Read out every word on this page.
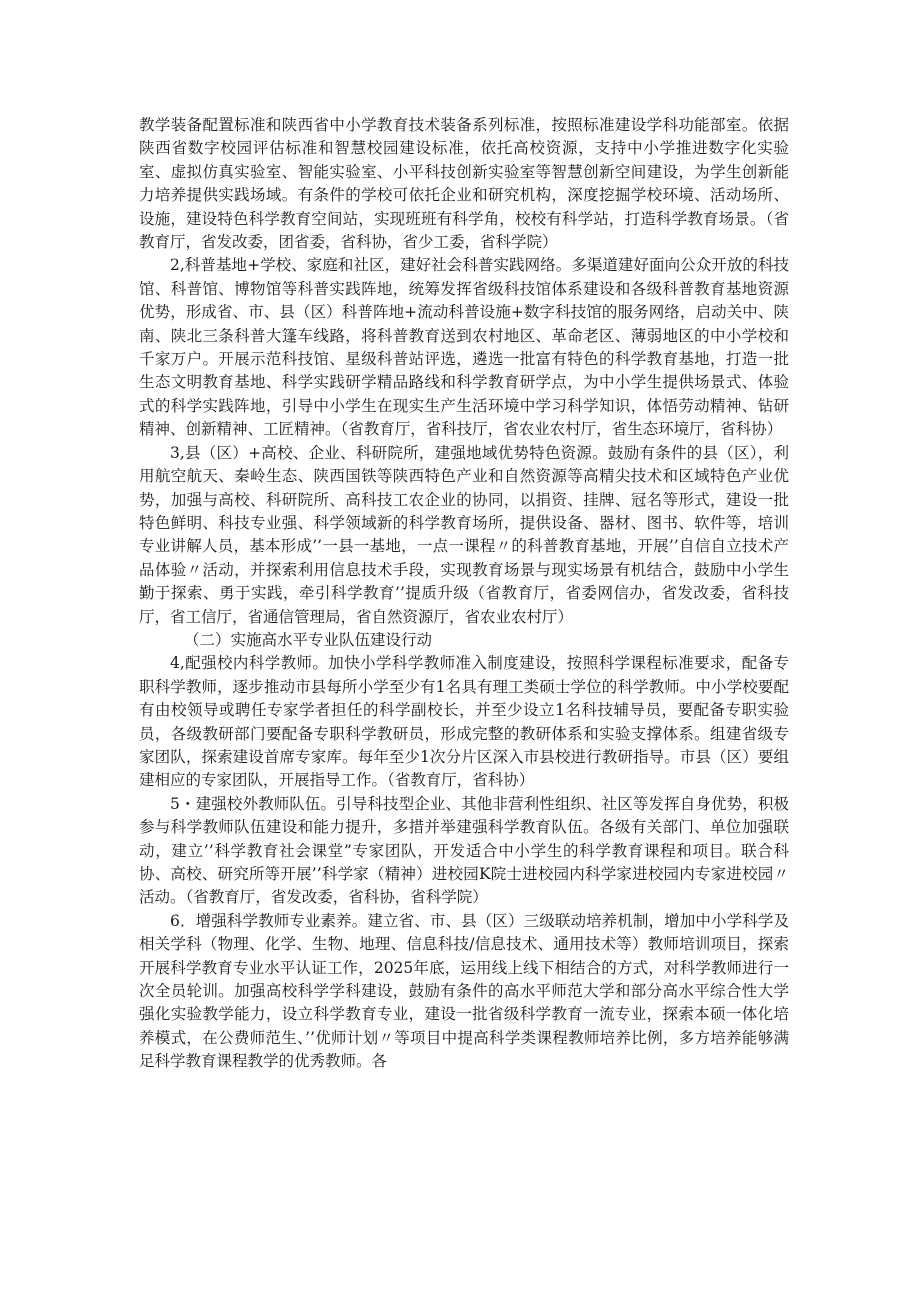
教学装备配置标准和陕西省中小学教育技术装备系列标准，按照标准建设学科功能部室。依据陕西省数字校园评估标准和智慧校园建设标准，依托高校资源，支持中小学推进数字化实验室、虚拟仿真实验室、智能实验室、小平科技创新实验室等智慧创新空间建设，为学生创新能力培养提供实践场域。有条件的学校可依托企业和研究机构，深度挖掘学校环境、活动场所、设施，建设特色科学教育空间站，实现班班有科学角，校校有科学站，打造科学教育场景。（省教育厅，省发改委，团省委，省科协，省少工委，省科学院）

2,科普基地+学校、家庭和社区，建好社会科普实践网络。多渠道建好面向公众开放的科技馆、科普馆、博物馆等科普实践阵地，统筹发挥省级科技馆体系建设和各级科普教育基地资源优势，形成省、市、县（区）科普阵地+流动科普设施+数字科技馆的服务网络，启动关中、陕南、陕北三条科普大篷车线路，将科普教育送到农村地区、革命老区、薄弱地区的中小学校和千家万户。开展示范科技馆、星级科普站评选，遴选一批富有特色的科学教育基地，打造一批生态文明教育基地、科学实践研学精品路线和科学教育研学点，为中小学生提供场景式、体验式的科学实践阵地，引导中小学生在现实生产生活环境中学习科学知识，体悟劳动精神、钻研精神、创新精神、工匠精神。（省教育厅，省科技厅，省农业农村厅，省生态环境厅，省科协）

3,县（区）+高校、企业、科研院所，建强地域优势特色资源。鼓励有条件的县（区），利用航空航天、秦岭生态、陕西国铁等陕西特色产业和自然资源等高精尖技术和区域特色产业优势，加强与高校、科研院所、高科技工农企业的协同，以捐资、挂牌、冠名等形式，建设一批特色鲜明、科技专业强、科学领域新的科学教育场所，提供设备、器材、图书、软件等，培训专业讲解人员，基本形成’’一县一基地，一点一课程〃的科普教育基地，开展’’自信自立技术产品体验〃活动，并探索利用信息技术手段，实现教育场景与现实场景有机结合，鼓励中小学生勤于探索、勇于实践，牵引科学教育’’提质升级（省教育厅，省委网信办，省发改委，省科技厅，省工信厅，省通信管理局，省自然资源厅，省农业农村厅）

（二）实施高水平专业队伍建设行动

4,配强校内科学教师。加快小学科学教师准入制度建设，按照科学课程标准要求，配备专职科学教师，逐步推动市县每所小学至少有1名具有理工类硕士学位的科学教师。中小学校要配有由校领导或聘任专家学者担任的科学副校长，并至少设立1名科技辅导员，要配备专职实验员，各级教研部门要配备专职科学教研员，形成完整的教研体系和实验支撑体系。组建省级专家团队，探索建设首席专家库。每年至少1次分片区深入市县校进行教研指导。市县（区）要组建相应的专家团队，开展指导工作。（省教育厅，省科协）

5・建强校外教师队伍。引导科技型企业、其他非营利性组织、社区等发挥自身优势，积极参与科学教师队伍建设和能力提升，多措并举建强科学教育队伍。各级有关部门、单位加强联动，建立’’科学教育社会课堂”专家团队，开发适合中小学生的科学教育课程和项目。联合科协、高校、研究所等开展’’科学家（精神）进校园K院士进校园内科学家进校园内专家进校园〃活动。（省教育厅，省发改委，省科协，省科学院）

6．增强科学教师专业素养。建立省、市、县（区）三级联动培养机制，增加中小学科学及相关学科（物理、化学、生物、地理、信息科技/信息技术、通用技术等）教师培训项目，探索开展科学教育专业水平认证工作，2025年底，运用线上线下相结合的方式，对科学教师进行一次全员轮训。加强高校科学学科建设，鼓励有条件的高水平师范大学和部分高水平综合性大学强化实验教学能力，设立科学教育专业，建设一批省级科学教育一流专业，探索本硕一体化培养模式，在公费师范生、’’优师计划〃等项目中提高科学类课程教师培养比例，多方培养能够满足科学教育课程教学的优秀教师。各
